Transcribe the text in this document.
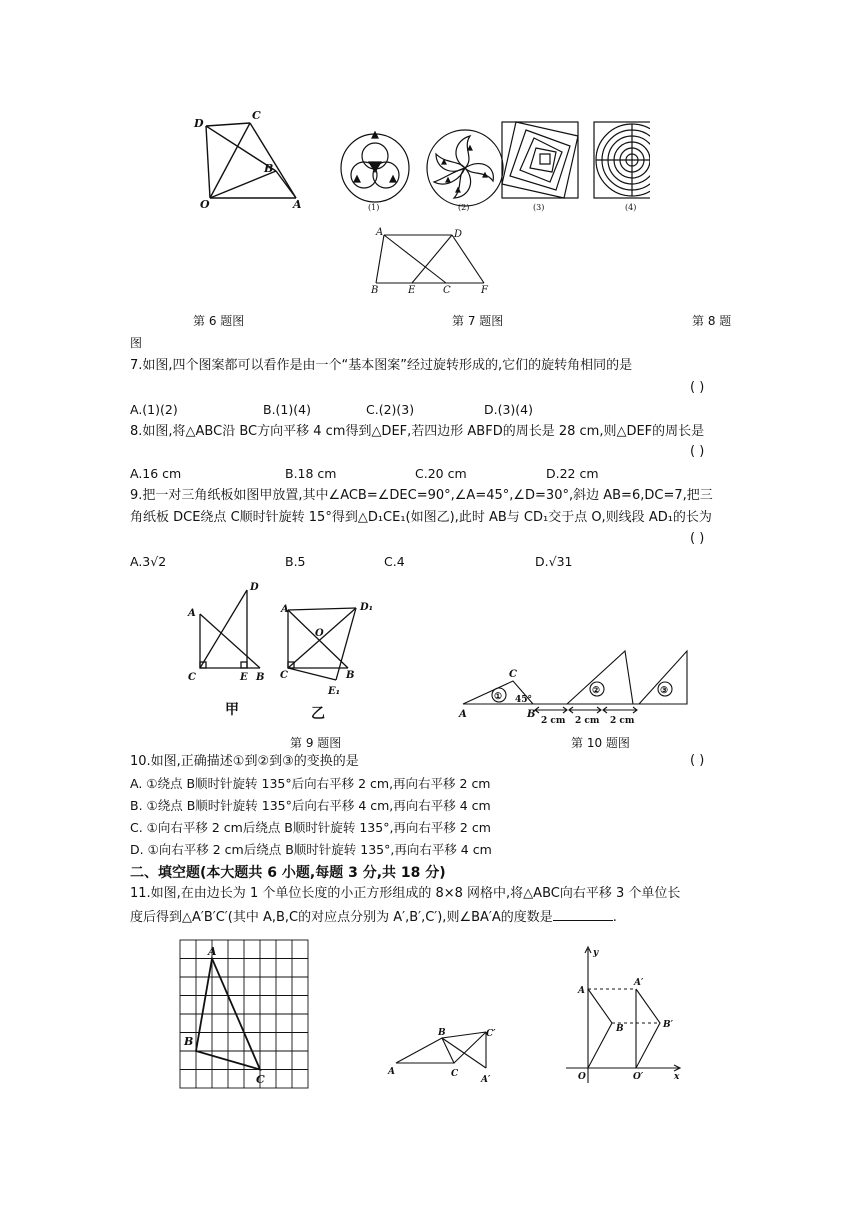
D
C
B
O	A	(1)	(2)	(3)	(4)
A	D
B	E	C	F
第 6 题图	第 7 题图	第 8 题
图
7.如图,四个图案都可以看作是由一个“基本图案”经过旋转形成的,它们的旋转角相同的是
( )
A.(1)(2)	B.(1)(4)	C.(2)(3)	D.(3)(4)
8.如图,将△ABC沿 BC方向平移 4 cm得到△DEF,若四边形 ABFD的周长是 28 cm,则△DEF的周长是
( )
A.16 cm	B.18 cm	C.20 cm	D.22 cm
9.把一对三角纸板如图甲放置,其中∠ACB=∠DEC=90°,∠A=45°,∠D=30°,斜边 AB=6,DC=7,把三
角纸板 DCE绕点 C顺时针旋转 15°得到△D₁CE₁(如图乙),此时 AB与 CD₁交于点 O,则线段 AD₁的长为
( )
A.3√2	B.5	C.4	D.√31
D
A
C	E B
A	D₁
O
C	B
E₁
甲	乙
C
45°
①
A	B
②	③
2 cm 2 cm 2 cm
第 9 题图	第 10 题图
10.如图,正确描述①到②到③的变换的是	( )
A. ①绕点 B顺时针旋转 135°后向右平移 2 cm,再向右平移 2 cm
B. ①绕点 B顺时针旋转 135°后向右平移 4 cm,再向右平移 4 cm
C. ①向右平移 2 cm后绕点 B顺时针旋转 135°,再向右平移 2 cm
D. ①向右平移 2 cm后绕点 B顺时针旋转 135°,再向右平移 4 cm
二、填空题(本大题共 6 小题,每题 3 分,共 18 分)
11.如图,在由边长为 1 个单位长度的小正方形组成的 8×8 网格中,将△ABC向右平移 3 个单位长
度后得到△A′B′C′(其中 A,B,C的对应点分别为 A′,B′,C′),则∠BA′A的度数是	.
A
B
C
B	C′
A	C
A′
y
A
A′
B	B′
O	O′	x
